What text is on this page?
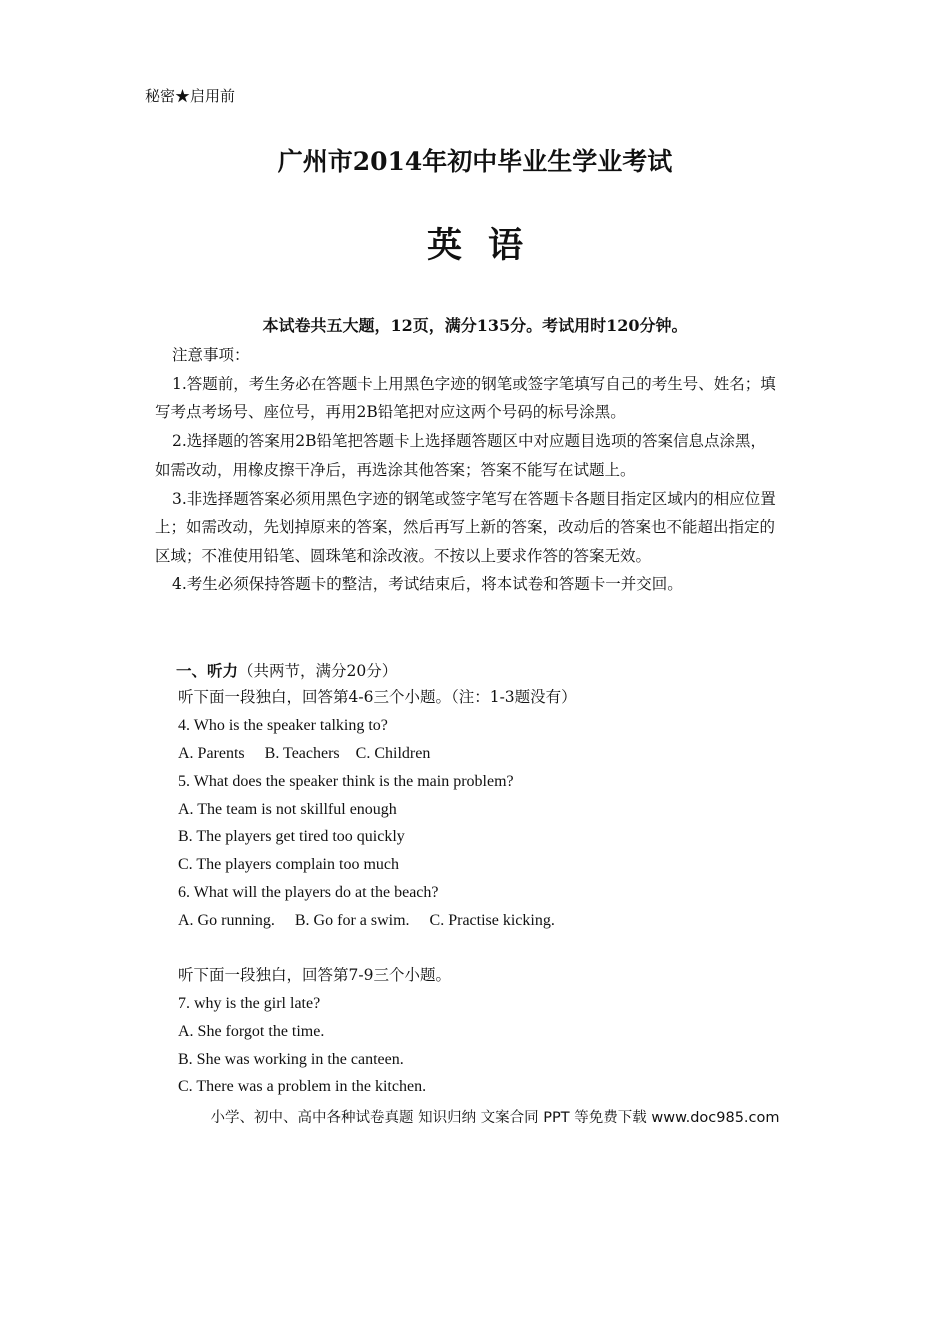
秘密★启用前
广州市2014年初中毕业生学业考试
英语
本试卷共五大题，12页，满分135分。考试用时120分钟。
注意事项：
1.答题前，考生务必在答题卡上用黑色字迹的钢笔或签字笔填写自己的考生号、姓名；填
写考点考场号、座位号，再用2B铅笔把对应这两个号码的标号涂黑。
2.选择题的答案用2B铅笔把答题卡上选择题答题区中对应题目选项的答案信息点涂黑，
如需改动，用橡皮擦干净后，再选涂其他答案；答案不能写在试题上。
3.非选择题答案必须用黑色字迹的钢笔或签字笔写在答题卡各题目指定区域内的相应位置
上；如需改动，先划掉原来的答案，然后再写上新的答案，改动后的答案也不能超出指定的
区域；不准使用铅笔、圆珠笔和涂改液。不按以上要求作答的答案无效。
4.考生必须保持答题卡的整洁，考试结束后，将本试卷和答题卡一并交回。
一、听力（共两节，满分20分）
听下面一段独白，回答第4-6三个小题。（注：1-3题没有）
4. Who is the speaker talking to?
A. Parents     B. Teachers    C. Children
5. What does the speaker think is the main problem?
A. The team is not skillful enough
B. The players get tired too quickly
C. The players complain too much
6. What will the players do at the beach?
A. Go running.     B. Go for a swim.     C. Practise kicking.
听下面一段独白，回答第7-9三个小题。
7. why is the girl late?
A. She forgot the time.
B. She was working in the canteen.
C. There was a problem in the kitchen.
小学、初中、高中各种试卷真题 知识归纳 文案合同 PPT 等免费下载 www.doc985.com
